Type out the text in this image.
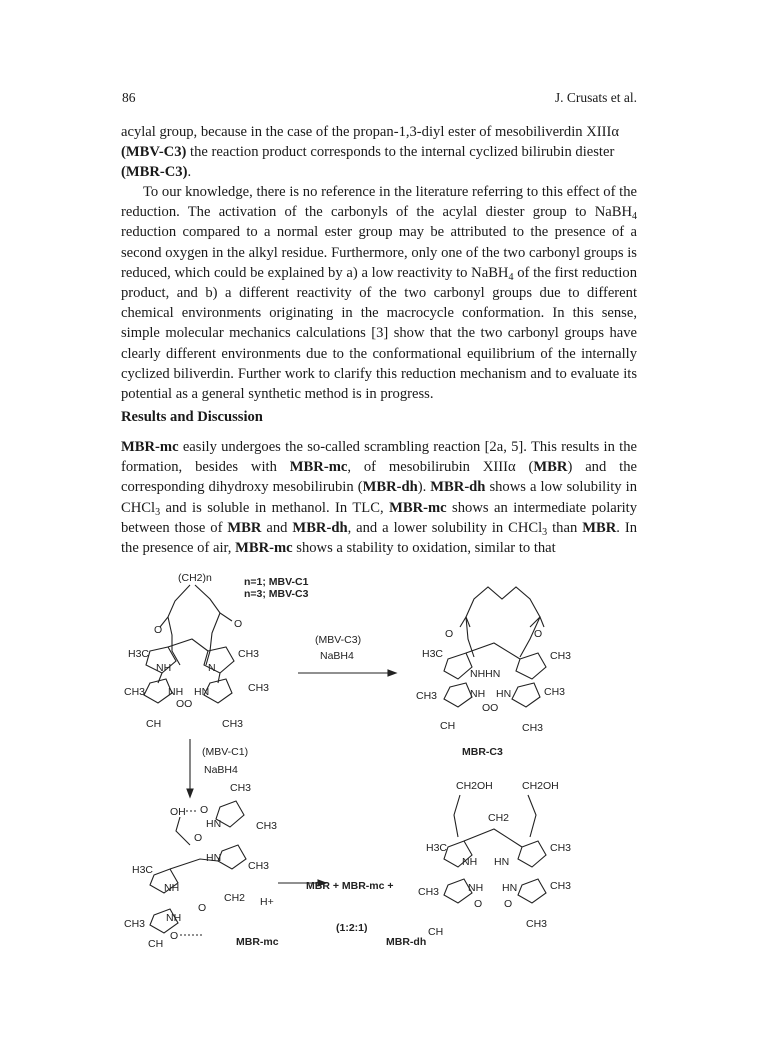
86	J. Crusats et al.

acylal group, because in the case of the propan-1,3-diyl ester of mesobiliverdin XIIIα
(MBV-C3) the reaction product corresponds to the internal cyclized bilirubin diester
(MBR-C3).

To our knowledge, there is no reference in the literature referring to this effect of the reduction. The activation of the carbonyls of the acylal diester group to NaBH$_4$ reduction compared to a normal ester group may be attributed to the presence of a second oxygen in the alkyl residue. Furthermore, only one of the two carbonyl groups is reduced, which could be explained by a) a low reactivity to NaBH$_4$ of the first reduction product, and b) a different reactivity of the two carbonyl groups due to different chemical environments originating in the macrocycle conformation. In this sense, simple molecular mechanics calculations [3] show that the two carbonyl groups have clearly different environments due to the conformational equilibrium of the internally cyclized biliverdin. Further work to clarify this reduction mechanism and to evaluate its potential as a general synthetic method is in progress.

Results and Discussion

MBR-mc easily undergoes the so-called scrambling reaction [2a, 5]. This results in the formation, besides with MBR-mc, of mesobilirubin XIIIα (MBR) and the corresponding dihydroxy mesobilirubin (MBR-dh). MBR-dh shows a low solubility in CHCl$_3$ and is soluble in methanol. In TLC, MBR-mc shows an intermediate polarity between those of MBR and MBR-dh, and a lower solubility in CHCl$_3$ than MBR. In the presence of air, MBR-mc shows a stability to oxidation, similar to that

(CH2)n	n=1; MBV-C1
n=3; MBV-C3
O	O
H3C	CH3
NH	N
CH3	CH3
NH HN
OO
CH	CH3
(MBV-C3)
NaBH4
O	O
H3C	CH3
NHHN
CH3	CH3
NH HN
OO
CH	CH3
MBR-C3
(MBV-C1)
NaBH4
CH3
OH O
HN
O
CH3
HN
CH3
H3C
NH
CH2 H+
CH3 NH
O
O
CH	MBR-mc
MBR + MBR-mc +
(1:2:1)
CH2OH	CH2OH
CH2
H3C	CH3
NH HN
CH3	CH3
NH HN
O O
CH
CH3
MBR-dh
